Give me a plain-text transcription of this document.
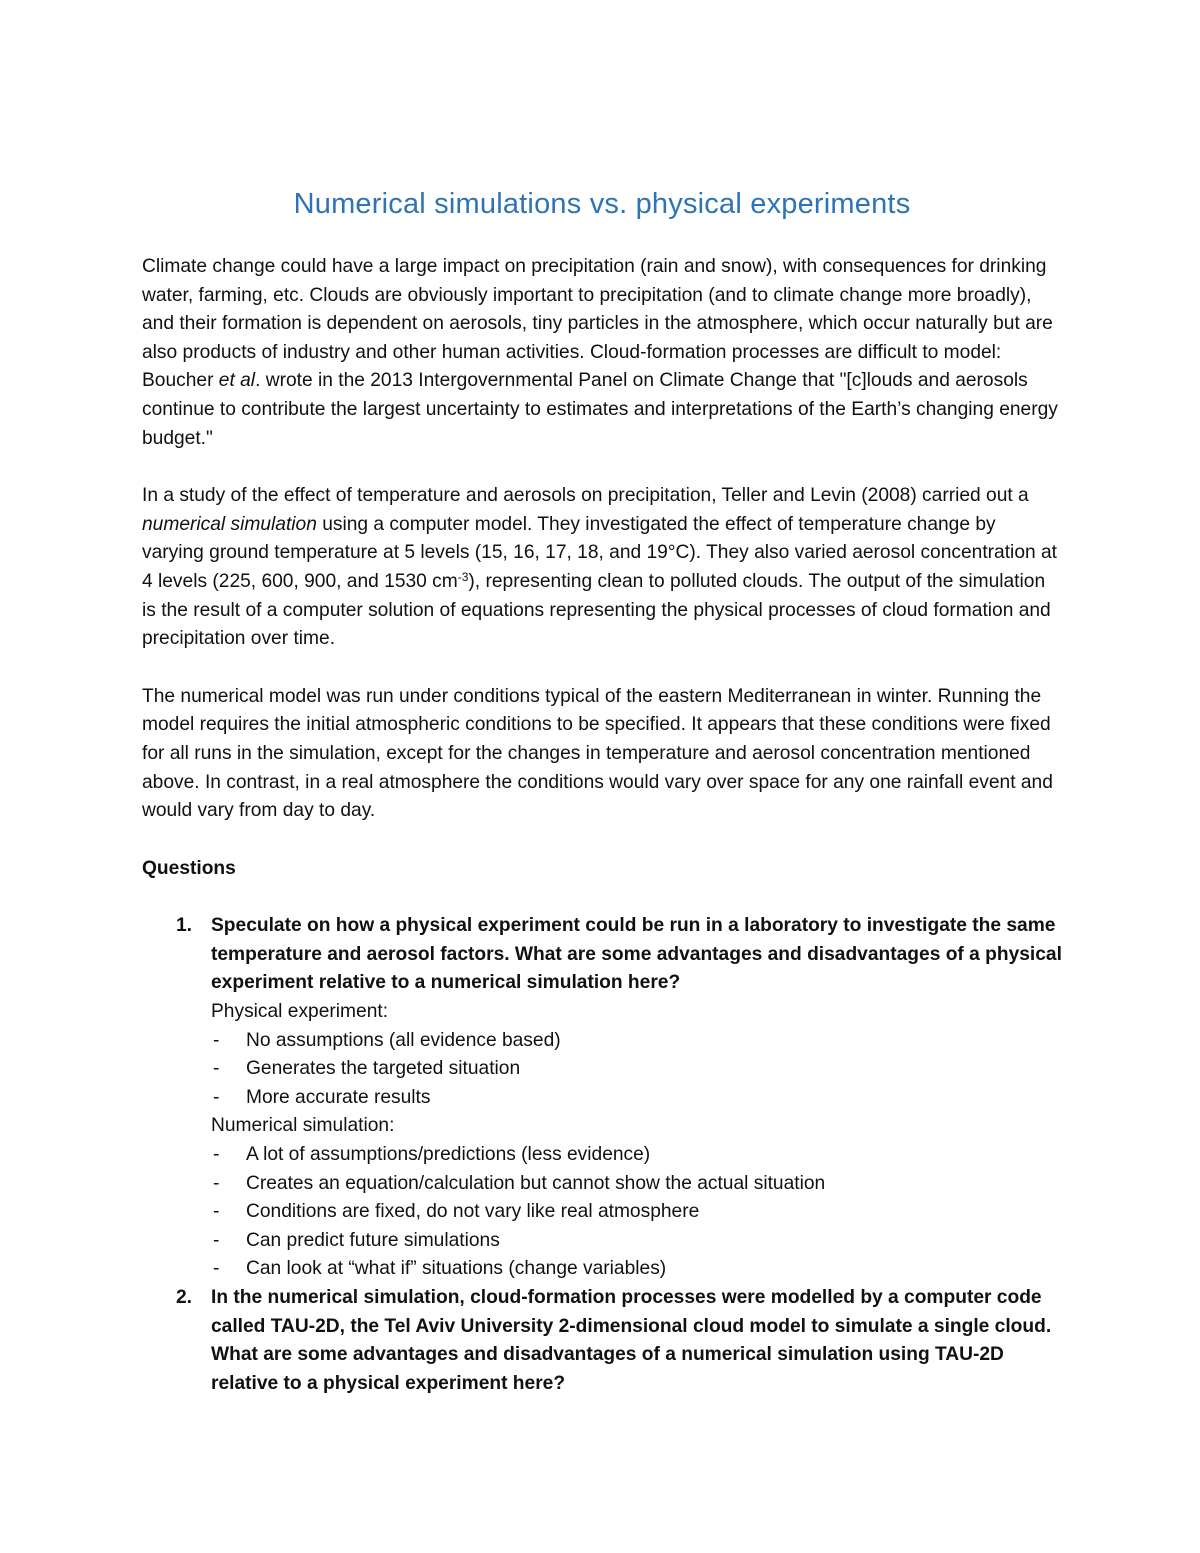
Numerical simulations vs. physical experiments

Climate change could have a large impact on precipitation (rain and snow), with consequences for drinking water, farming, etc. Clouds are obviously important to precipitation (and to climate change more broadly), and their formation is dependent on aerosols, tiny particles in the atmosphere, which occur naturally but are also products of industry and other human activities. Cloud-formation processes are difficult to model: Boucher et al. wrote in the 2013 Intergovernmental Panel on Climate Change that "[c]louds and aerosols continue to contribute the largest uncertainty to estimates and interpretations of the Earth’s changing energy budget."

In a study of the effect of temperature and aerosols on precipitation, Teller and Levin (2008) carried out a numerical simulation using a computer model. They investigated the effect of temperature change by varying ground temperature at 5 levels (15, 16, 17, 18, and 19°C). They also varied aerosol concentration at 4 levels (225, 600, 900, and 1530 $cm^{-3}$), representing clean to polluted clouds. The output of the simulation is the result of a computer solution of equations representing the physical processes of cloud formation and precipitation over time.

The numerical model was run under conditions typical of the eastern Mediterranean in winter. Running the model requires the initial atmospheric conditions to be specified. It appears that these conditions were fixed for all runs in the simulation, except for the changes in temperature and aerosol concentration mentioned above. In contrast, in a real atmosphere the conditions would vary over space for any one rainfall event and would vary from day to day.

Questions
1. Speculate on how a physical experiment could be run in a laboratory to investigate the same temperature and aerosol factors. What are some advantages and disadvantages of a physical experiment relative to a numerical simulation here?
Physical experiment:
- No assumptions (all evidence based)
- Generates the targeted situation
- More accurate results
Numerical simulation:
- A lot of assumptions/predictions (less evidence)
- Creates an equation/calculation but cannot show the actual situation
- Conditions are fixed, do not vary like real atmosphere
- Can predict future simulations
- Can look at “what if” situations (change variables)
2. In the numerical simulation, cloud-formation processes were modelled by a computer code called TAU-2D, the Tel Aviv University 2-dimensional cloud model to simulate a single cloud. What are some advantages and disadvantages of a numerical simulation using TAU-2D relative to a physical experiment here?
